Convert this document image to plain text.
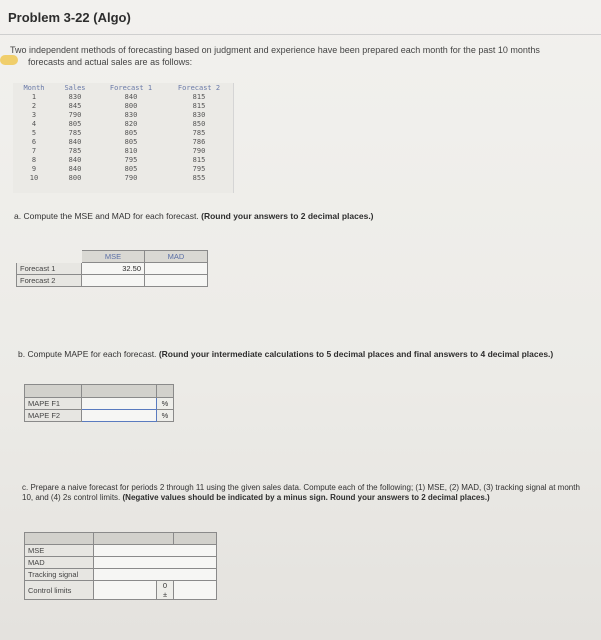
Problem 3-22 (Algo)
Two independent methods of forecasting based on judgment and experience have been prepared each month for the past 10 months
forecasts and actual sales are as follows:
Month	Sales	Forecast 1	Forecast 2
1	830	840	815
2	845	800	815
3	790	830	830
4	805	820	850
5	785	805	785
6	840	805	786
7	785	810	790
8	840	795	815
9	840	805	795
10	800	790	855
a. Compute the MSE and MAD for each forecast. (Round your answers to 2 decimal places.)
	MSE	MAD
Forecast 1	32.50	
Forecast 2		
b. Compute MAPE for each forecast. (Round your intermediate calculations to 5 decimal places and final answers to 4 decimal places.)

MAPE F1		%
MAPE F2		%
c. Prepare a naive forecast for periods 2 through 11 using the given sales data. Compute each of the following; (1) MSE, (2) MAD, (3) tracking signal at month 10, and (4) 2s control limits. (Negative values should be indicated by a minus sign. Round your answers to 2 decimal places.)

MSE			
MAD			
Tracking signal			
Control limits		0 ±	
